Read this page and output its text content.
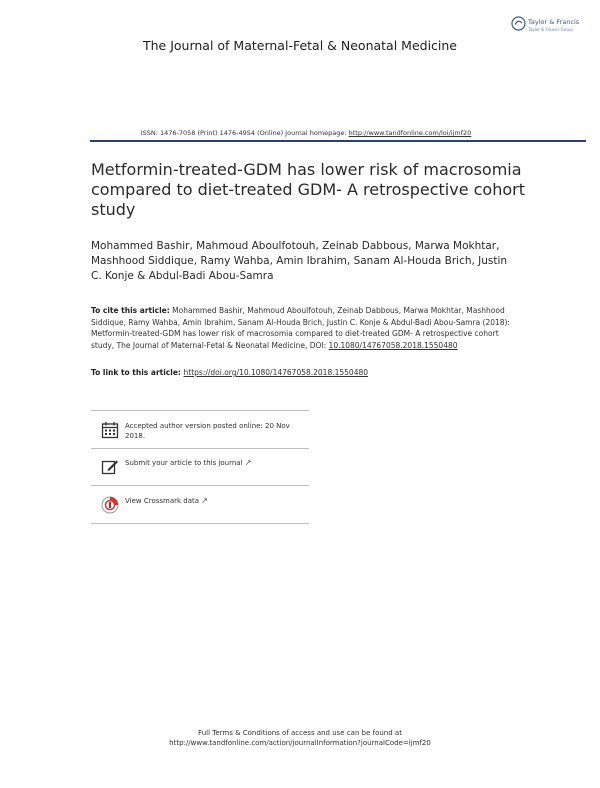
Taylor & Francis
Taylor & Francis Group
The Journal of Maternal-Fetal & Neonatal Medicine
ISSN: 1476-7058 (Print) 1476-4954 (Online) Journal homepage: http://www.tandfonline.com/loi/ijmf20
Metformin-treated-GDM has lower risk of macrosomia compared to diet-treated GDM- A retrospective cohort study
Mohammed Bashir, Mahmoud Aboulfotouh, Zeinab Dabbous, Marwa Mokhtar, Mashhood Siddique, Ramy Wahba, Amin Ibrahim, Sanam Al-Houda Brich, Justin C. Konje & Abdul-Badi Abou-Samra
To cite this article: Mohammed Bashir, Mahmoud Aboulfotouh, Zeinab Dabbous, Marwa Mokhtar, Mashhood Siddique, Ramy Wahba, Amin Ibrahim, Sanam Al-Houda Brich, Justin C. Konje & Abdul-Badi Abou-Samra (2018): Metformin-treated-GDM has lower risk of macrosomia compared to diet-treated GDM- A retrospective cohort study, The Journal of Maternal-Fetal & Neonatal Medicine, DOI: 10.1080/14767058.2018.1550480
To link to this article: https://doi.org/10.1080/14767058.2018.1550480
Accepted author version posted online: 20 Nov 2018.
Submit your article to this journal ↗
View Crossmark data ↗
Full Terms & Conditions of access and use can be found at
http://www.tandfonline.com/action/journalInformation?journalCode=ijmf20
